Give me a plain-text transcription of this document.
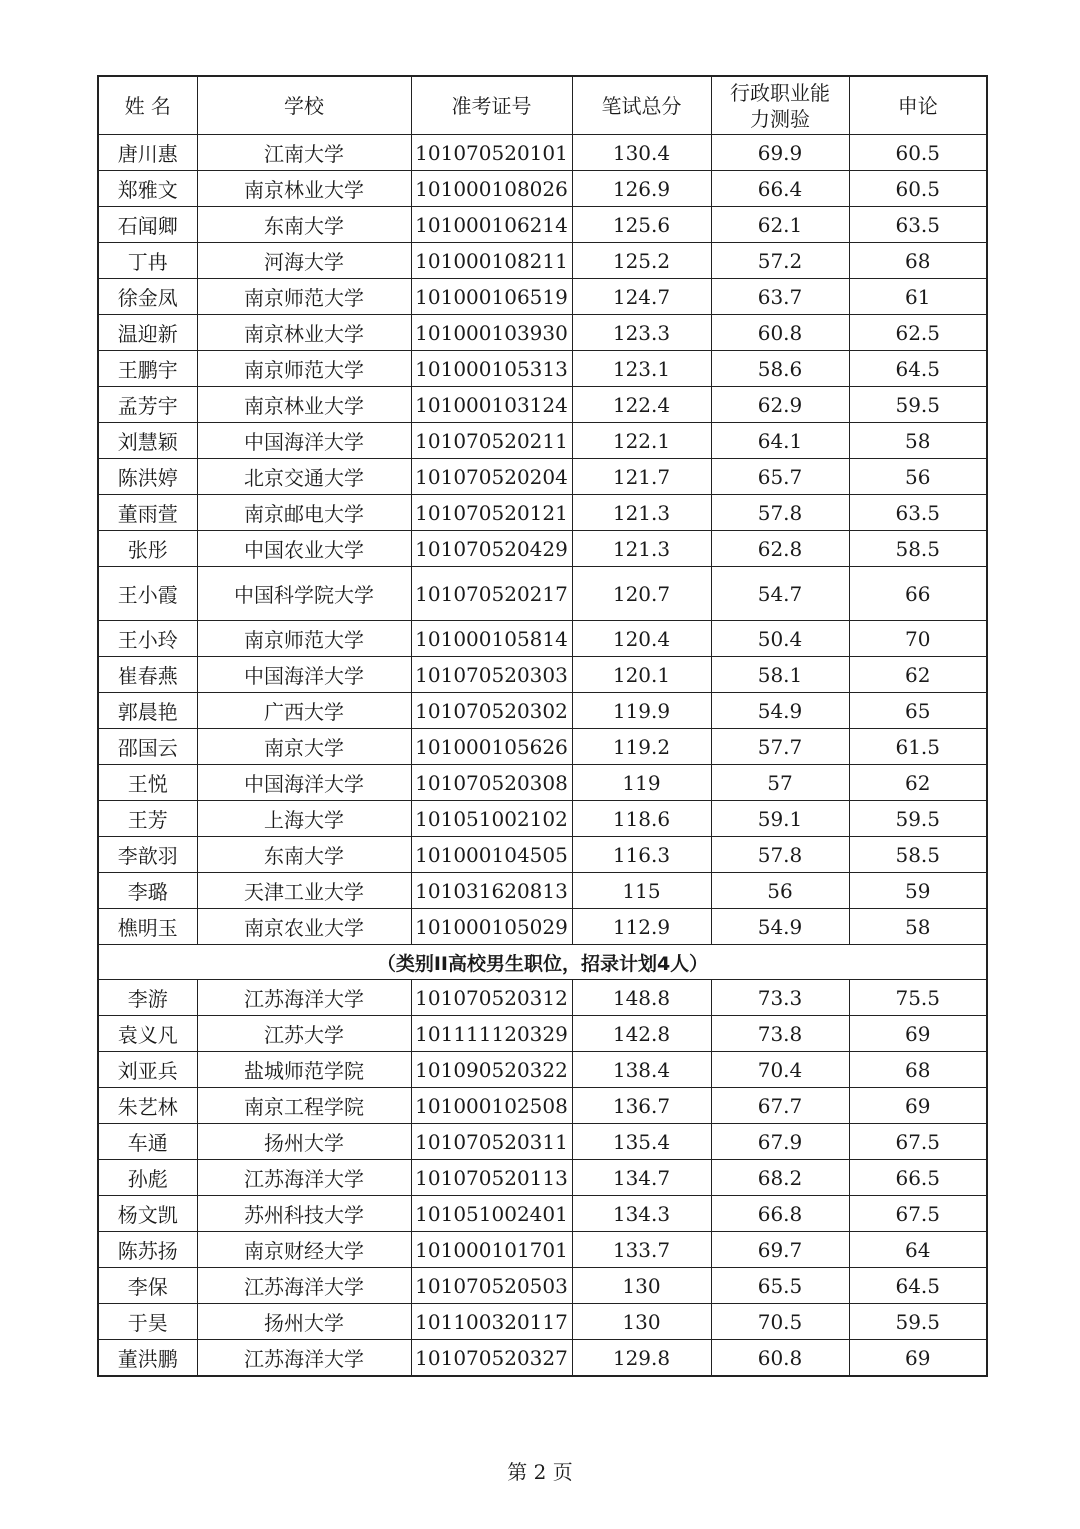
姓 名	学校	准考证号	笔试总分	行政职业能力测验	申论
唐川惠	江南大学	101070520101	130.4	69.9	60.5
郑雅文	南京林业大学	101000108026	126.9	66.4	60.5
石闻卿	东南大学	101000106214	125.6	62.1	63.5
丁冉	河海大学	101000108211	125.2	57.2	68
徐金凤	南京师范大学	101000106519	124.7	63.7	61
温迎新	南京林业大学	101000103930	123.3	60.8	62.5
王鹏宇	南京师范大学	101000105313	123.1	58.6	64.5
孟芳宇	南京林业大学	101000103124	122.4	62.9	59.5
刘慧颖	中国海洋大学	101070520211	122.1	64.1	58
陈洪婷	北京交通大学	101070520204	121.7	65.7	56
董雨萱	南京邮电大学	101070520121	121.3	57.8	63.5
张彤	中国农业大学	101070520429	121.3	62.8	58.5
王小霞	中国科学院大学	101070520217	120.7	54.7	66
王小玲	南京师范大学	101000105814	120.4	50.4	70
崔春燕	中国海洋大学	101070520303	120.1	58.1	62
郭晨艳	广西大学	101070520302	119.9	54.9	65
邵国云	南京大学	101000105626	119.2	57.7	61.5
王悦	中国海洋大学	101070520308	119	57	62
王芳	上海大学	101051002102	118.6	59.1	59.5
李歆羽	东南大学	101000104505	116.3	57.8	58.5
李璐	天津工业大学	101031620813	115	56	59
樵明玉	南京农业大学	101000105029	112.9	54.9	58
（类别II高校男生职位，招录计划4人）					
李游	江苏海洋大学	101070520312	148.8	73.3	75.5
袁义凡	江苏大学	101111120329	142.8	73.8	69
刘亚兵	盐城师范学院	101090520322	138.4	70.4	68
朱艺林	南京工程学院	101000102508	136.7	67.7	69
车通	扬州大学	101070520311	135.4	67.9	67.5
孙彪	江苏海洋大学	101070520113	134.7	68.2	66.5
杨文凯	苏州科技大学	101051002401	134.3	66.8	67.5
陈苏扬	南京财经大学	101000101701	133.7	69.7	64
李保	江苏海洋大学	101070520503	130	65.5	64.5
于昊	扬州大学	101100320117	130	70.5	59.5
董洪鹏	江苏海洋大学	101070520327	129.8	60.8	69
第 2 页
